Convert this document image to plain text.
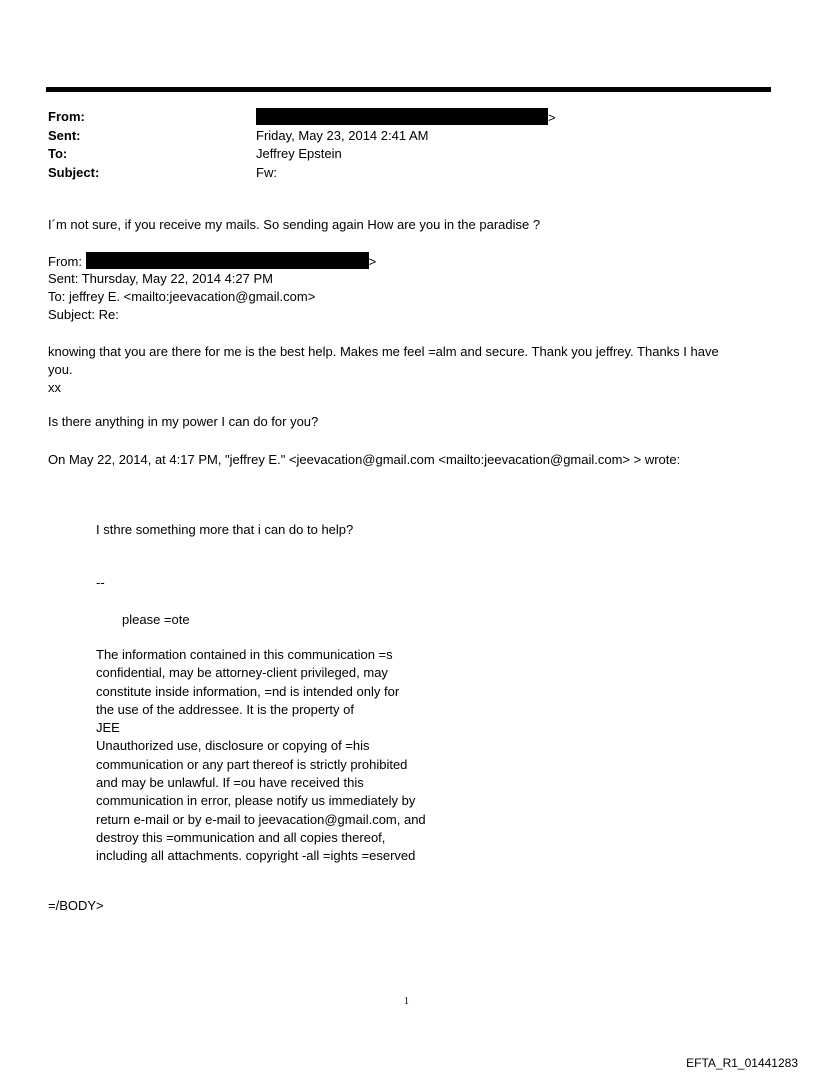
From:	>
Sent:	Friday, May 23, 2014 2:41 AM
To:	Jeffrey Epstein
Subject:	Fw:
I´m not sure, if you receive my mails. So sending again How are you in the paradise ?
From:	>
Sent: Thursday, May 22, 2014 4:27 PM
To: jeffrey E. <mailto:jeevacation@gmail.com>
Subject: Re:
knowing that you are there for me is the best help. Makes me feel =alm and secure. Thank you jeffrey. Thanks I have
you.
xx
Is there anything in my power I can do for you?
On May 22, 2014, at 4:17 PM, "jeffrey E." <jeevacation@gmail.com <mailto:jeevacation@gmail.com> > wrote:
I sthre something more that i can do to help?
--
please =ote
The information contained in this communication =s
confidential, may be attorney-client privileged, may
constitute inside information, =nd is intended only for
the use of the addressee. It is the property of
JEE
Unauthorized use, disclosure or copying of =his
communication or any part thereof is strictly prohibited
and may be unlawful. If =ou have received this
communication in error, please notify us immediately by
return e-mail or by e-mail to jeevacation@gmail.com, and
destroy this =ommunication and all copies thereof,
including all attachments. copyright -all =ights =eserved
=/BODY>
1
EFTA_R1_01441283
